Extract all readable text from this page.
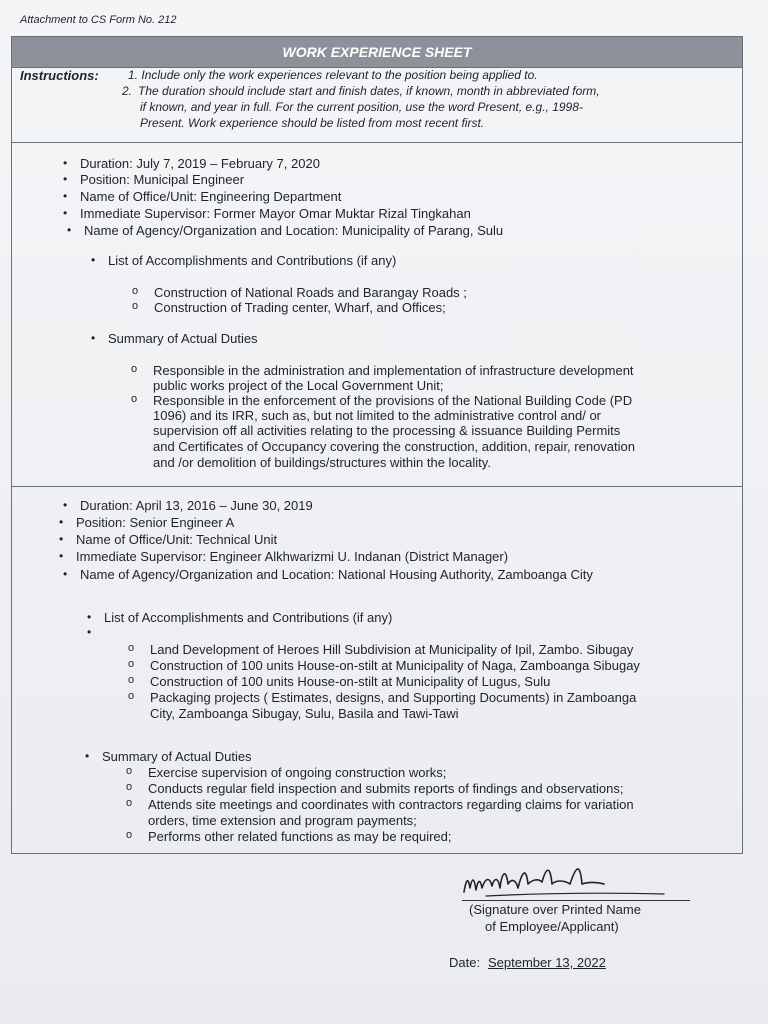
Attachment to CS Form No. 212
WORK EXPERIENCE SHEET
Instructions: 1. Include only the work experiences relevant to the position being applied to.
2. The duration should include start and finish dates, if known, month in abbreviated form,
if known, and year in full. For the current position, use the word Present, e.g., 1998-
Present. Work experience should be listed from most recent first.
• Duration: July 7, 2019 – February 7, 2020
• Position: Municipal Engineer
• Name of Office/Unit: Engineering Department
• Immediate Supervisor: Former Mayor Omar Muktar Rizal Tingkahan
• Name of Agency/Organization and Location: Municipality of Parang, Sulu
• List of Accomplishments and Contributions (if any)
o Construction of National Roads and Barangay Roads ;
o Construction of Trading center, Wharf, and Offices;
• Summary of Actual Duties
o Responsible in the administration and implementation of infrastructure development
public works project of the Local Government Unit;
o Responsible in the enforcement of the provisions of the National Building Code (PD
1096) and its IRR, such as, but not limited to the administrative control and/ or
supervision off all activities relating to the processing & issuance Building Permits
and Certificates of Occupancy covering the construction, addition, repair, renovation
and /or demolition of buildings/structures within the locality.
• Duration: April 13, 2016 – June 30, 2019
• Position: Senior Engineer A
• Name of Office/Unit: Technical Unit
• Immediate Supervisor: Engineer Alkhwarizmi U. Indanan (District Manager)
• Name of Agency/Organization and Location: National Housing Authority, Zamboanga City
• List of Accomplishments and Contributions (if any)
o Land Development of Heroes Hill Subdivision at Municipality of Ipil, Zambo. Sibugay
o Construction of 100 units House-on-stilt at Municipality of Naga, Zamboanga Sibugay
o Construction of 100 units House-on-stilt at Municipality of Lugus, Sulu
o Packaging projects ( Estimates, designs, and Supporting Documents) in Zamboanga
City, Zamboanga Sibugay, Sulu, Basila and Tawi-Tawi
• Summary of Actual Duties
o Exercise supervision of ongoing construction works;
o Conducts regular field inspection and submits reports of findings and observations;
o Attends site meetings and coordinates with contractors regarding claims for variation
orders, time extension and program payments;
o Performs other related functions as may be required;
(Signature over Printed Name
of Employee/Applicant)
Date: September 13, 2022
